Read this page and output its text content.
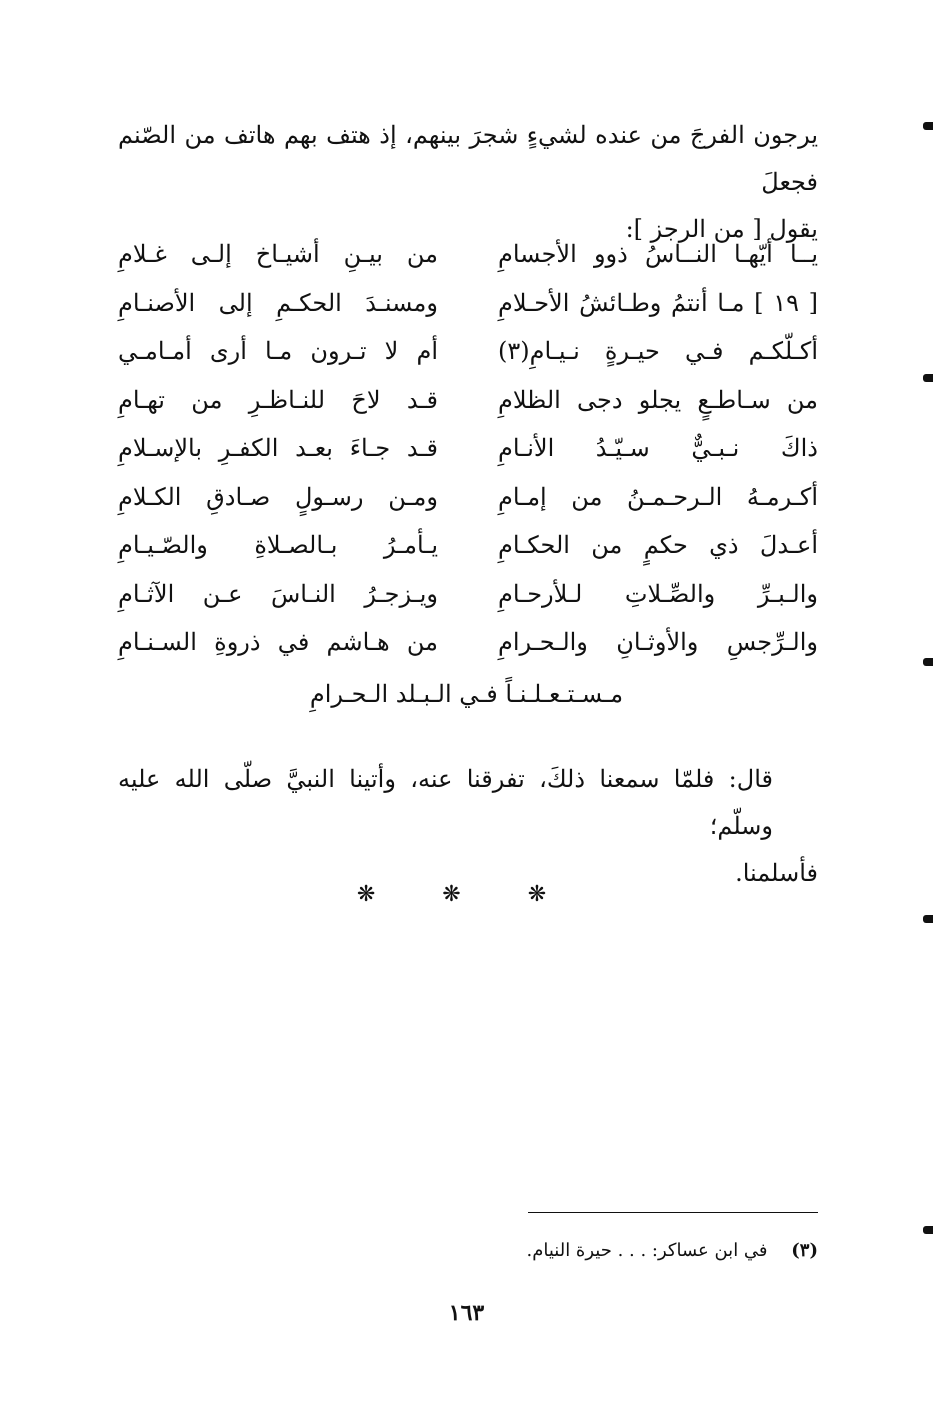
يرجون الفرجَ من عنده لشيءٍ شجرَ بينهم، إذ هتف بهم هاتف من الصّنم فجعلَ
يقول [ من الرجز ]:
يــا أيّهـا النــاسُ ذوو الأجسامِ
من بيـنِ أشيـاخ إلـى غـلامِ
[ ١٩ ] مـا أنتمُ وطـائشُ الأحـلامِ
ومسنـدَ الحكـمِ إلى الأصنـامِ
أكـلّكـم فـي حيـرةٍ نـيـامِ(٣)
أم لا تـرون مـا أرى أمـامـي
من سـاطـعٍ يجلو دجى الظلامِ
قـد لاحَ للنـاظـرِ من تهـامِ
ذاكَ نـبـيٌّ سـيّـدُ الأنـامِ
قـد جـاءَ بعـد الكفـرِ بالإسـلامِ
أكـرمـهُ الـرحـمـنُ من إمـامِ
ومـن رسـولٍ صـادقِ الكـلامِ
أعـدلَ ذي حكمٍ من الحكـامِ
يـأمـرُ بـالصـلاةِ والصّـيـامِ
والـبـرِّ والصِّـلاتِ لـلأرحـامِ
ويـزجـرُ النـاسَ عـن الآثـامِ
والـرِّجسِ والأوثـانِ والـحـرامِ
من هـاشم في ذروةِ السـنـامِ
مـسـتـعـلـنـاً فـي الـبـلد الـحـرامِ
قال: فلمّا سمعنا ذلكَ، تفرقنا عنه، وأتينا النبيَّ صلّى الله عليه وسلّم؛
فأسلمنا.
❋ ❋ ❋
(٣) في ابن عساكر: . . . حيرة النيام.
١٦٣
